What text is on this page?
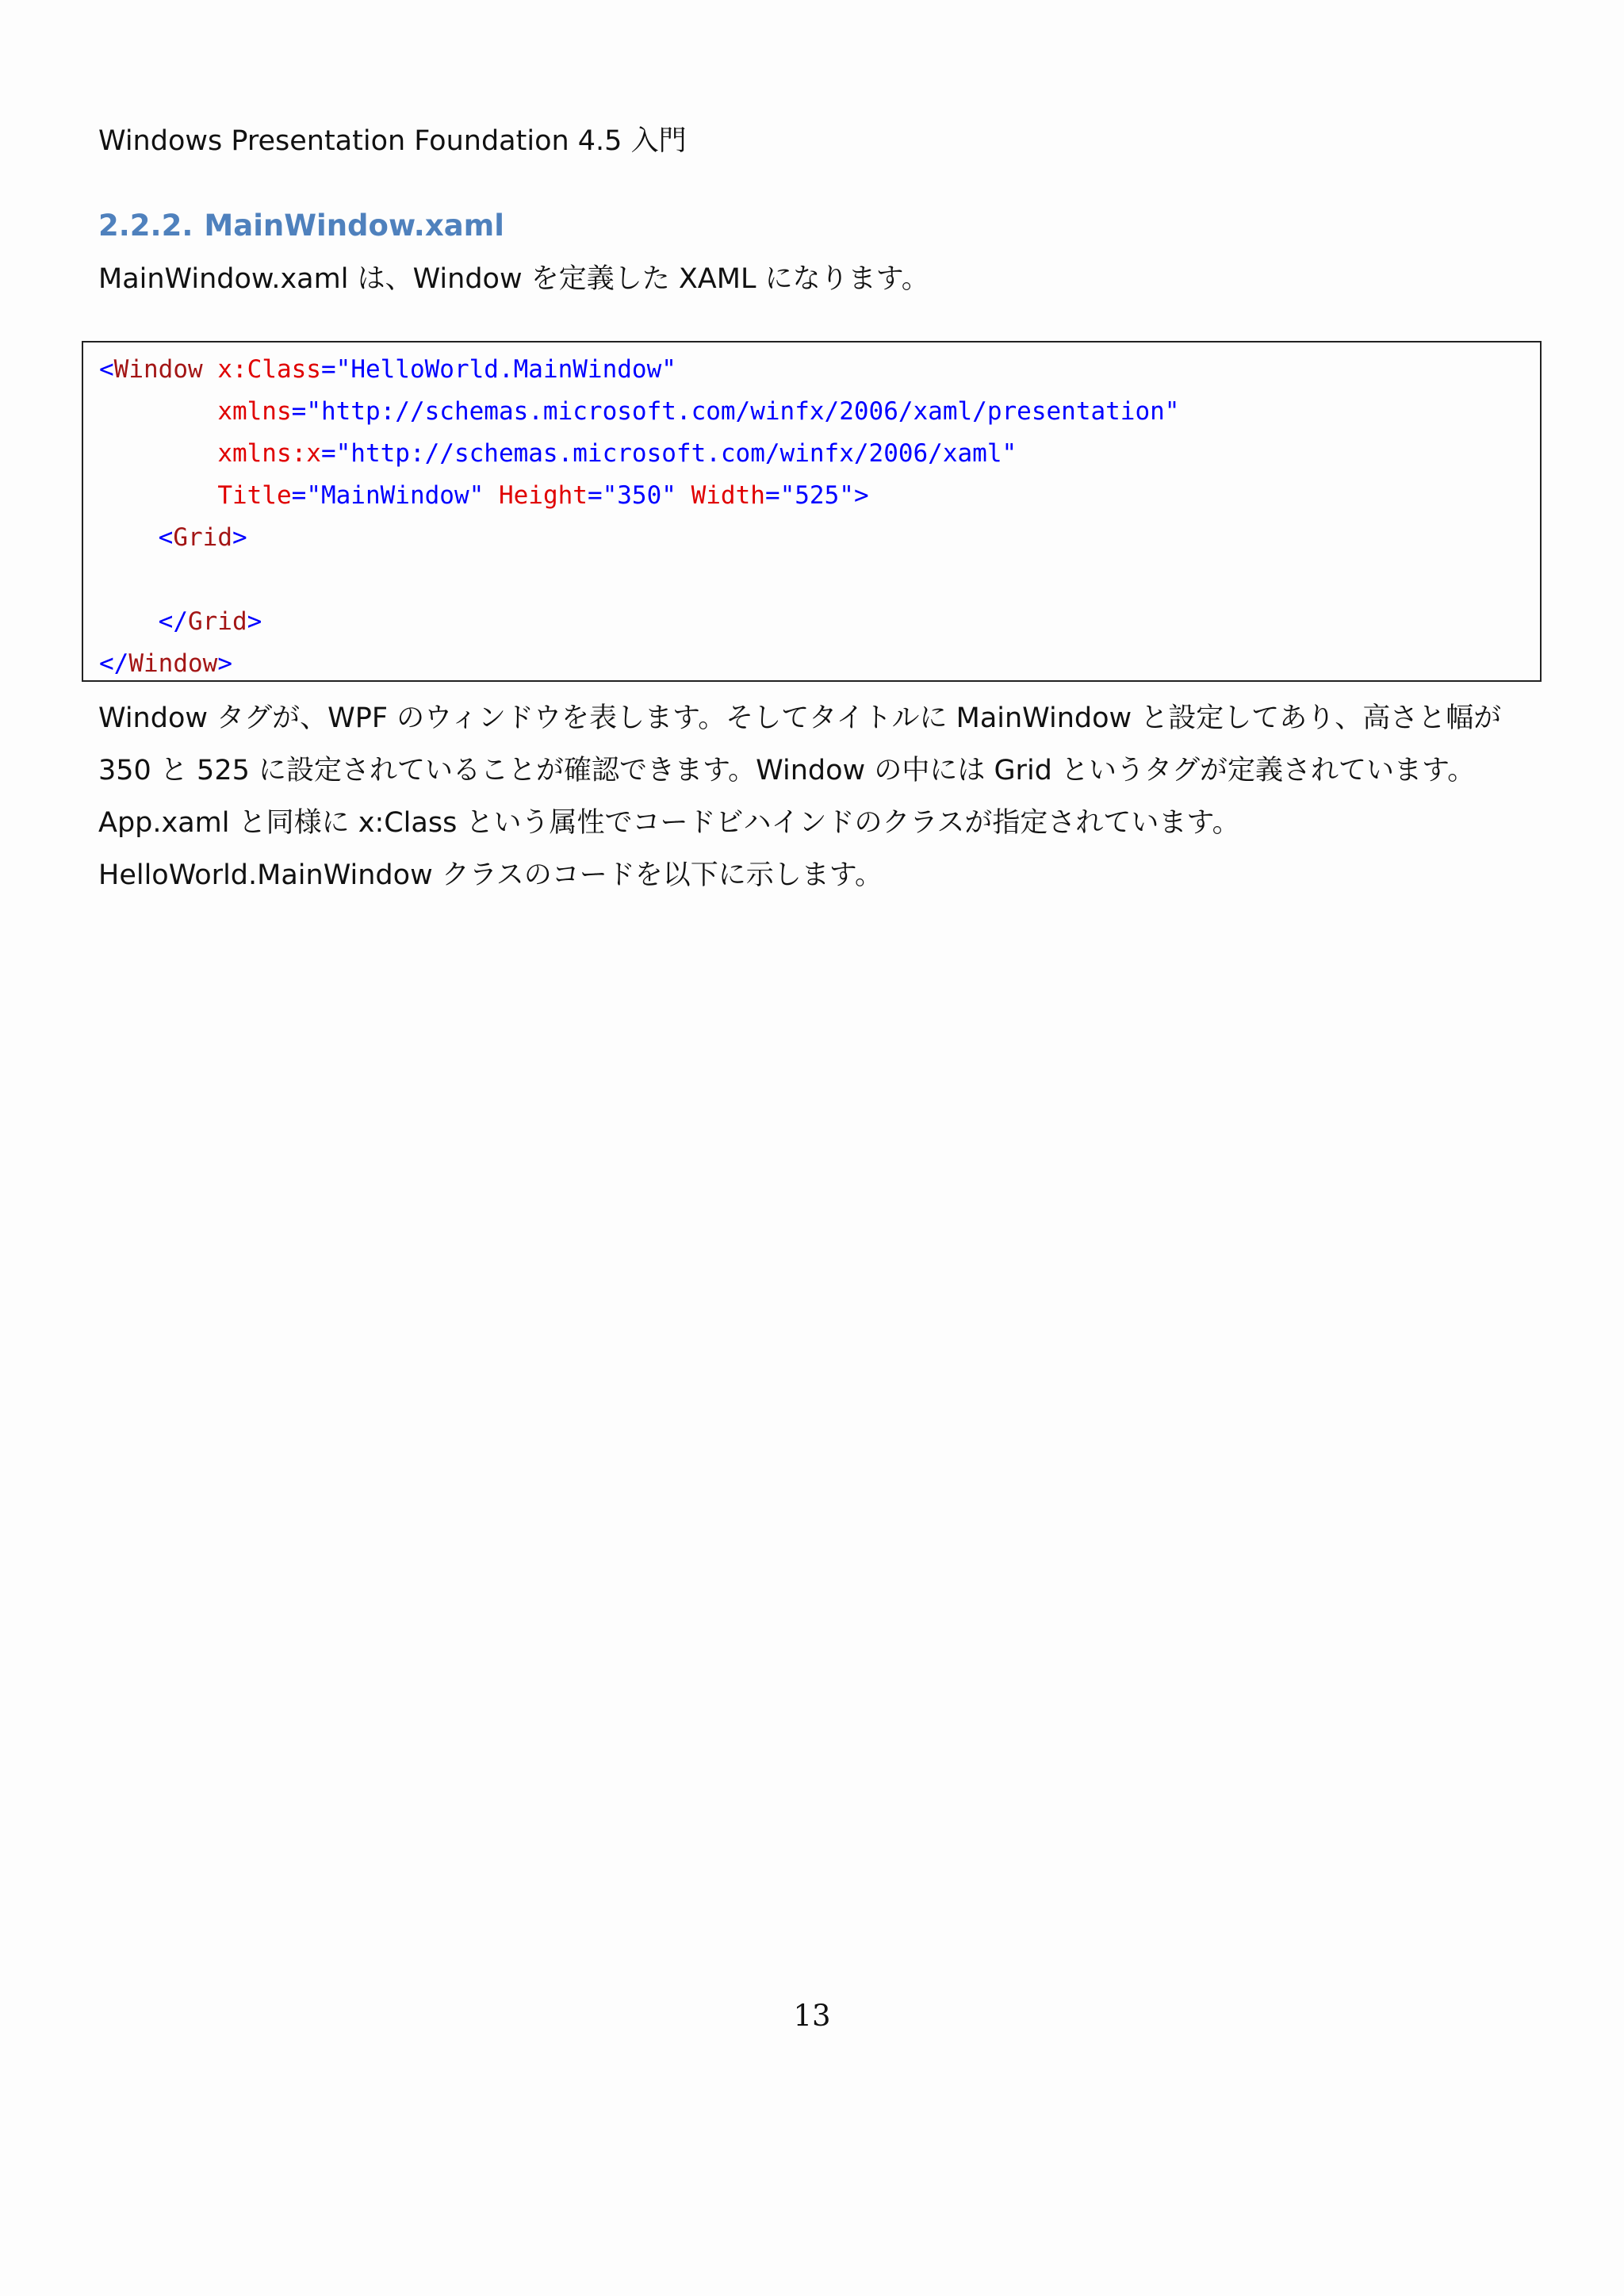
Windows Presentation Foundation 4.5 入門
2.2.2. MainWindow.xaml
MainWindow.xaml は、Window を定義した XAML になります。
<Window x:Class="HelloWorld.MainWindow"
xmlns="http://schemas.microsoft.com/winfx/2006/xaml/presentation"
xmlns:x="http://schemas.microsoft.com/winfx/2006/xaml"
Title="MainWindow" Height="350" Width="525">
<Grid>
</Grid>
</Window>

Window タグが、WPF のウィンドウを表します。そしてタイトルに MainWindow と設定してあり、高さと幅が

350 と 525 に設定されていることが確認できます。Window の中には Grid というタグが定義されています。

App.xaml と同様に x:Class という属性でコードビハインドのクラスが指定されています。

HelloWorld.MainWindow クラスのコードを以下に示します。

13
